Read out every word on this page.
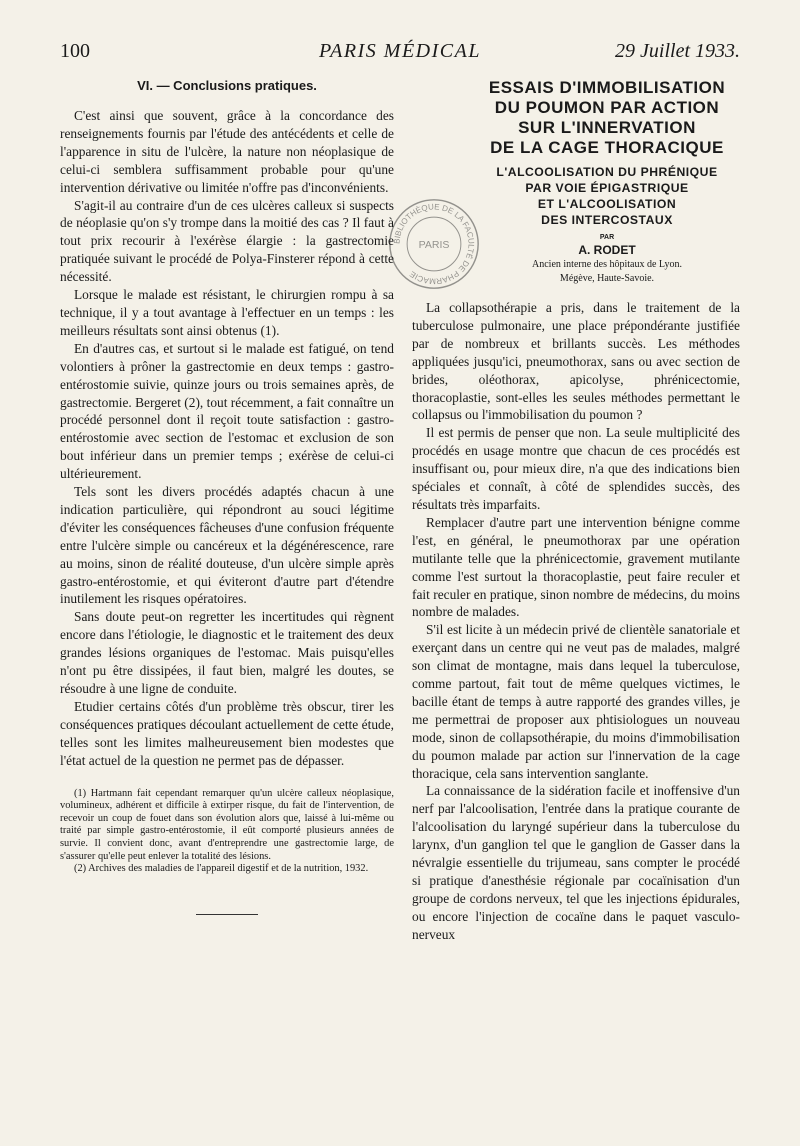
100	PARIS MÉDICAL	29 Juillet 1933.
VI. — Conclusions pratiques.

C'est ainsi que souvent, grâce à la concordance des renseignements fournis par l'étude des antécédents et celle de l'apparence in situ de l'ulcère, la nature non néoplasique de celui-ci semblera suffisamment probable pour qu'une intervention dérivative ou limitée n'offre pas d'inconvénients.

S'agit-il au contraire d'un de ces ulcères calleux si suspects de néoplasie qu'on s'y trompe dans la moitié des cas ? Il faut à tout prix recourir à l'exérèse élargie : la gastrectomie pratiquée suivant le procédé de Polya-Finsterer répond à cette nécessité.

Lorsque le malade est résistant, le chirurgien rompu à sa technique, il y a tout avantage à l'effectuer en un temps : les meilleurs résultats sont ainsi obtenus (1).

En d'autres cas, et surtout si le malade est fatigué, on tend volontiers à prôner la gastrectomie en deux temps : gastro-entérostomie suivie, quinze jours ou trois semaines après, de gastrectomie. Bergeret (2), tout récemment, a fait connaître un procédé personnel dont il reçoit toute satisfaction : gastro-entérostomie avec section de l'estomac et exclusion de son bout inférieur dans un premier temps ; exérèse de celui-ci ultérieurement.

Tels sont les divers procédés adaptés chacun à une indication particulière, qui répondront au souci légitime d'éviter les conséquences fâcheuses d'une confusion fréquente entre l'ulcère simple ou cancéreux et la dégénérescence, rare au moins, sinon de réalité douteuse, d'un ulcère simple après gastro-entérostomie, et qui éviteront d'autre part d'étendre inutilement les risques opératoires.

Sans doute peut-on regretter les incertitudes qui règnent encore dans l'étiologie, le diagnostic et le traitement des deux grandes lésions organiques de l'estomac. Mais puisqu'elles n'ont pu être dissipées, il faut bien, malgré les doutes, se résoudre à une ligne de conduite.

Etudier certains côtés d'un problème très obscur, tirer les conséquences pratiques découlant actuellement de cette étude, telles sont les limites malheureusement bien modestes que l'état actuel de la question ne permet pas de dépasser.

(1) Hartmann fait cependant remarquer qu'un ulcère calleux néoplasique, volumineux, adhérent et difficile à extirper risque, du fait de l'intervention, de recevoir un coup de fouet dans son évolution alors que, laissé à lui-même ou traité par simple gastro-entérostomie, il eût comporté plusieurs années de survie. Il convient donc, avant d'entreprendre une gastrectomie large, de s'assurer qu'elle peut enlever la totalité des lésions.

(2) Archives des maladies de l'appareil digestif et de la nutrition, 1932.

BIBLIOTHÈQUE DE LA FACULTÉ DE PHARMACIE
PARIS
ESSAIS D'IMMOBILISATION
DU POUMON PAR ACTION
SUR L'INNERVATION
DE LA CAGE THORACIQUE
L'ALCOOLISATION DU PHRÉNIQUE
PAR VOIE ÉPIGASTRIQUE
ET L'ALCOOLISATION
DES INTERCOSTAUX
PAR
A. RODET
Ancien interne des hôpitaux de Lyon.
Mégève, Haute-Savoie.

La collapsothérapie a pris, dans le traitement de la tuberculose pulmonaire, une place prépondérante justifiée par de nombreux et brillants succès. Les méthodes appliquées jusqu'ici, pneumothorax, sans ou avec section de brides, oléothorax, apicolyse, phrénicectomie, thoracoplastie, sont-elles les seules méthodes permettant le collapsus ou l'immobilisation du poumon ?

Il est permis de penser que non. La seule multiplicité des procédés en usage montre que chacun de ces procédés est insuffisant ou, pour mieux dire, n'a que des indications bien spéciales et connaît, à côté de splendides succès, des résultats très imparfaits.

Remplacer d'autre part une intervention bénigne comme l'est, en général, le pneumothorax par une opération mutilante telle que la phrénicectomie, gravement mutilante comme l'est surtout la thoracoplastie, peut faire reculer et fait reculer en pratique, sinon nombre de médecins, du moins nombre de malades.

S'il est licite à un médecin privé de clientèle sanatoriale et exerçant dans un centre qui ne veut pas de malades, malgré son climat de montagne, mais dans lequel la tuberculose, comme partout, fait tout de même quelques victimes, le bacille étant de temps à autre rapporté des grandes villes, je me permettrai de proposer aux phtisiologues un nouveau mode, sinon de collapsothérapie, du moins d'immobilisation du poumon malade par action sur l'innervation de la cage thoracique, cela sans intervention sanglante.

La connaissance de la sidération facile et inoffensive d'un nerf par l'alcoolisation, l'entrée dans la pratique courante de l'alcoolisation du laryngé supérieur dans la tuberculose du larynx, d'un ganglion tel que le ganglion de Gasser dans la névralgie essentielle du trijumeau, sans compter le procédé si pratique d'anesthésie régionale par cocaïnisation d'un groupe de cordons nerveux, tel que les injections épidurales, ou encore l'injection de cocaïne dans le paquet vasculo-nerveux
